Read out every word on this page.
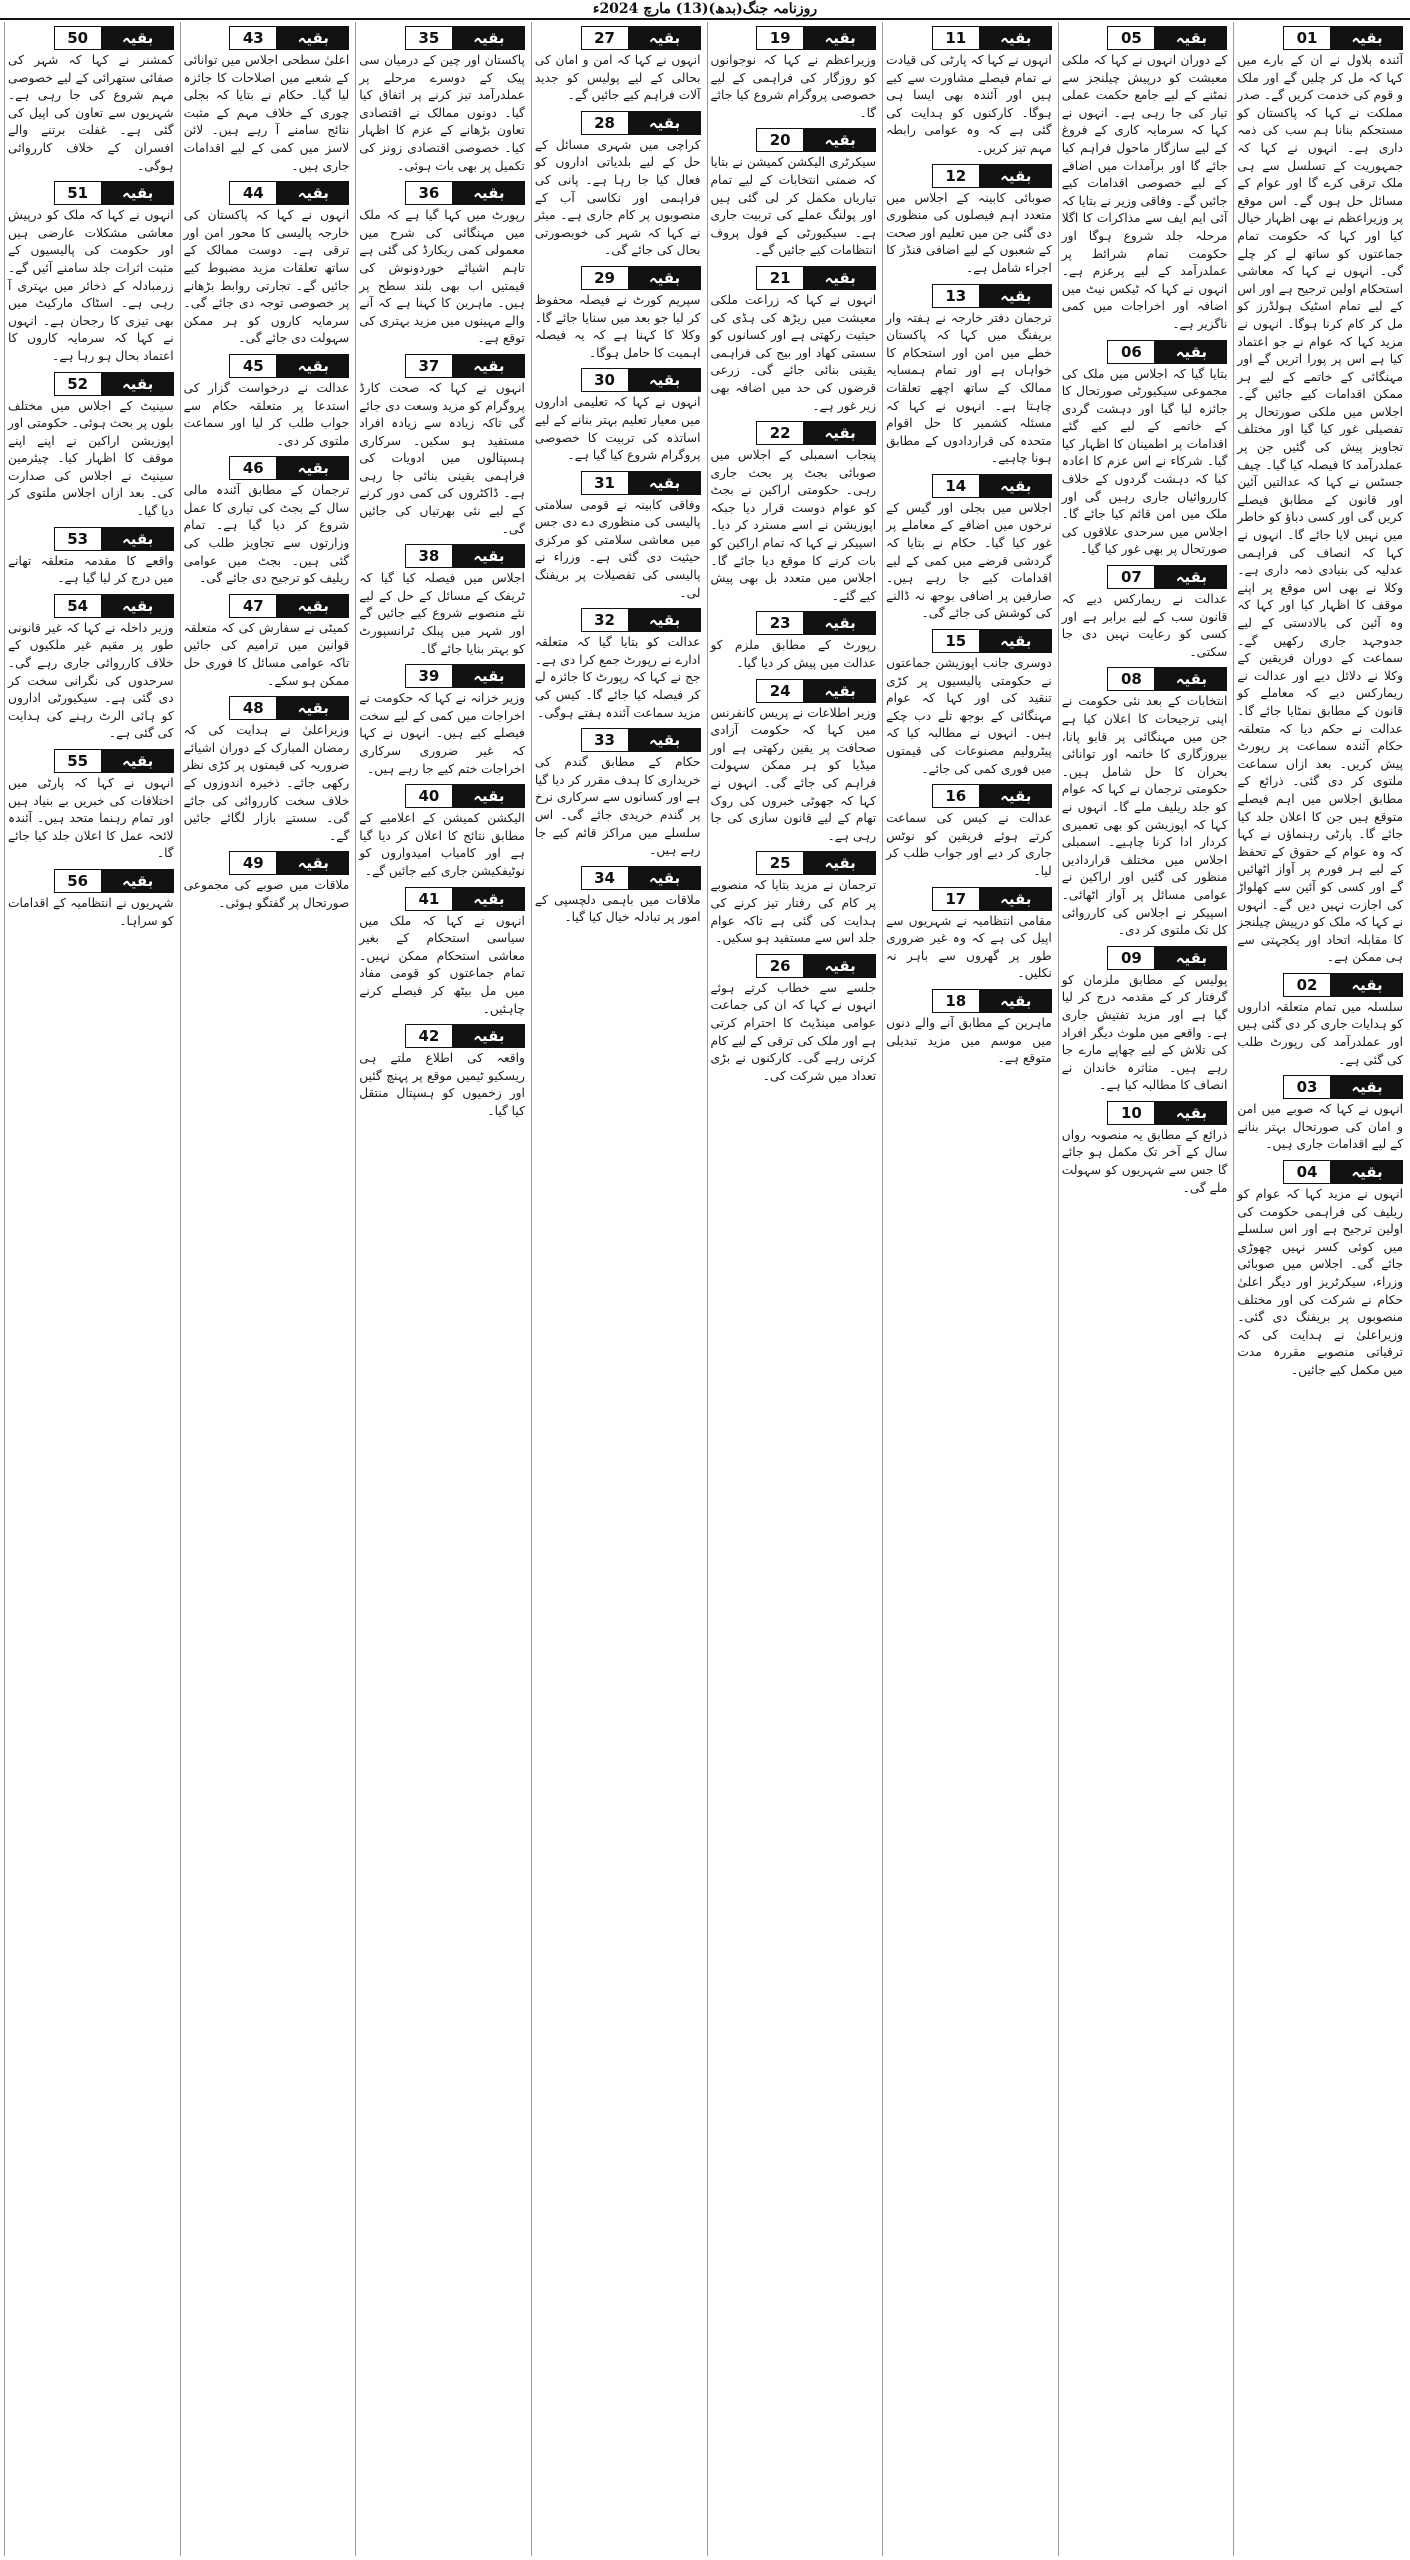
روزنامہ جنگ(بدھ)(13) مارچ 2024ء
01	بقیہ
آئندہ بلاول نے ان کے بارے میں کہا کہ مل کر چلیں گے اور ملک و قوم کی خدمت کریں گے۔ صدر مملکت نے کہا کہ پاکستان کو مستحکم بنانا ہم سب کی ذمہ داری ہے۔ انہوں نے کہا کہ جمہوریت کے تسلسل سے ہی ملک ترقی کرے گا اور عوام کے مسائل حل ہوں گے۔ اس موقع پر وزیراعظم نے بھی اظہار خیال کیا اور کہا کہ حکومت تمام جماعتوں کو ساتھ لے کر چلے گی۔ انہوں نے کہا کہ معاشی استحکام اولین ترجیح ہے اور اس کے لیے تمام اسٹیک ہولڈرز کو مل کر کام کرنا ہوگا۔ انہوں نے مزید کہا کہ عوام نے جو اعتماد کیا ہے اس پر پورا اتریں گے اور مہنگائی کے خاتمے کے لیے ہر ممکن اقدامات کیے جائیں گے۔ اجلاس میں ملکی صورتحال پر تفصیلی غور کیا گیا اور مختلف تجاویز پیش کی گئیں جن پر عملدرآمد کا فیصلہ کیا گیا۔ چیف جسٹس نے کہا کہ عدالتیں آئین اور قانون کے مطابق فیصلے کریں گی اور کسی دباؤ کو خاطر میں نہیں لایا جائے گا۔ انہوں نے کہا کہ انصاف کی فراہمی عدلیہ کی بنیادی ذمہ داری ہے۔ وکلا نے بھی اس موقع پر اپنے موقف کا اظہار کیا اور کہا کہ وہ آئین کی بالادستی کے لیے جدوجہد جاری رکھیں گے۔ سماعت کے دوران فریقین کے وکلا نے دلائل دیے اور عدالت نے ریمارکس دیے کہ معاملے کو قانون کے مطابق نمٹایا جائے گا۔ عدالت نے حکم دیا کہ متعلقہ حکام آئندہ سماعت پر رپورٹ پیش کریں۔ بعد ازاں سماعت ملتوی کر دی گئی۔ ذرائع کے مطابق اجلاس میں اہم فیصلے متوقع ہیں جن کا اعلان جلد کیا جائے گا۔ پارٹی رہنماؤں نے کہا کہ وہ عوام کے حقوق کے تحفظ کے لیے ہر فورم پر آواز اٹھائیں گے اور کسی کو آئین سے کھلواڑ کی اجازت نہیں دیں گے۔ انہوں نے کہا کہ ملک کو درپیش چیلنجز کا مقابلہ اتحاد اور یکجہتی سے ہی ممکن ہے۔
02	بقیہ
سلسلہ میں تمام متعلقہ اداروں کو ہدایات جاری کر دی گئی ہیں اور عملدرآمد کی رپورٹ طلب کی گئی ہے۔
03	بقیہ
انہوں نے کہا کہ صوبے میں امن و امان کی صورتحال بہتر بنانے کے لیے اقدامات جاری ہیں۔
04	بقیہ
انہوں نے مزید کہا کہ عوام کو ریلیف کی فراہمی حکومت کی اولین ترجیح ہے اور اس سلسلے میں کوئی کسر نہیں چھوڑی جائے گی۔ اجلاس میں صوبائی وزراء، سیکرٹریز اور دیگر اعلیٰ حکام نے شرکت کی اور مختلف منصوبوں پر بریفنگ دی گئی۔ وزیراعلیٰ نے ہدایت کی کہ ترقیاتی منصوبے مقررہ مدت میں مکمل کیے جائیں۔
05	بقیہ
کے دوران انہوں نے کہا کہ ملکی معیشت کو درپیش چیلنجز سے نمٹنے کے لیے جامع حکمت عملی تیار کی جا رہی ہے۔ انہوں نے کہا کہ سرمایہ کاری کے فروغ کے لیے سازگار ماحول فراہم کیا جائے گا اور برآمدات میں اضافے کے لیے خصوصی اقدامات کیے جائیں گے۔ وفاقی وزیر نے بتایا کہ آئی ایم ایف سے مذاکرات کا اگلا مرحلہ جلد شروع ہوگا اور حکومت تمام شرائط پر عملدرآمد کے لیے پرعزم ہے۔ انہوں نے کہا کہ ٹیکس نیٹ میں اضافہ اور اخراجات میں کمی ناگزیر ہے۔
06	بقیہ
بتایا گیا کہ اجلاس میں ملک کی مجموعی سیکیورٹی صورتحال کا جائزہ لیا گیا اور دہشت گردی کے خاتمے کے لیے کیے گئے اقدامات پر اطمینان کا اظہار کیا گیا۔ شرکاء نے اس عزم کا اعادہ کیا کہ دہشت گردوں کے خلاف کارروائیاں جاری رہیں گی اور ملک میں امن قائم کیا جائے گا۔ اجلاس میں سرحدی علاقوں کی صورتحال پر بھی غور کیا گیا۔
07	بقیہ
عدالت نے ریمارکس دیے کہ قانون سب کے لیے برابر ہے اور کسی کو رعایت نہیں دی جا سکتی۔
08	بقیہ
انتخابات کے بعد نئی حکومت نے اپنی ترجیحات کا اعلان کیا ہے جن میں مہنگائی پر قابو پانا، بیروزگاری کا خاتمہ اور توانائی بحران کا حل شامل ہیں۔ حکومتی ترجمان نے کہا کہ عوام کو جلد ریلیف ملے گا۔ انہوں نے کہا کہ اپوزیشن کو بھی تعمیری کردار ادا کرنا چاہیے۔ اسمبلی اجلاس میں مختلف قراردادیں منظور کی گئیں اور اراکین نے عوامی مسائل پر آواز اٹھائی۔ اسپیکر نے اجلاس کی کارروائی کل تک ملتوی کر دی۔
09	بقیہ
پولیس کے مطابق ملزمان کو گرفتار کر کے مقدمہ درج کر لیا گیا ہے اور مزید تفتیش جاری ہے۔ واقعے میں ملوث دیگر افراد کی تلاش کے لیے چھاپے مارے جا رہے ہیں۔ متاثرہ خاندان نے انصاف کا مطالبہ کیا ہے۔
10	بقیہ
ذرائع کے مطابق یہ منصوبہ رواں سال کے آخر تک مکمل ہو جائے گا جس سے شہریوں کو سہولت ملے گی۔
11	بقیہ
انہوں نے کہا کہ پارٹی کی قیادت نے تمام فیصلے مشاورت سے کیے ہیں اور آئندہ بھی ایسا ہی ہوگا۔ کارکنوں کو ہدایت کی گئی ہے کہ وہ عوامی رابطہ مہم تیز کریں۔
12	بقیہ
صوبائی کابینہ کے اجلاس میں متعدد اہم فیصلوں کی منظوری دی گئی جن میں تعلیم اور صحت کے شعبوں کے لیے اضافی فنڈز کا اجراء شامل ہے۔
13	بقیہ
ترجمان دفتر خارجہ نے ہفتہ وار بریفنگ میں کہا کہ پاکستان خطے میں امن اور استحکام کا خواہاں ہے اور تمام ہمسایہ ممالک کے ساتھ اچھے تعلقات چاہتا ہے۔ انہوں نے کہا کہ مسئلہ کشمیر کا حل اقوام متحدہ کی قراردادوں کے مطابق ہونا چاہیے۔
14	بقیہ
اجلاس میں بجلی اور گیس کے نرخوں میں اضافے کے معاملے پر غور کیا گیا۔ حکام نے بتایا کہ گردشی قرضے میں کمی کے لیے اقدامات کیے جا رہے ہیں۔ صارفین پر اضافی بوجھ نہ ڈالنے کی کوشش کی جائے گی۔
15	بقیہ
دوسری جانب اپوزیشن جماعتوں نے حکومتی پالیسیوں پر کڑی تنقید کی اور کہا کہ عوام مہنگائی کے بوجھ تلے دب چکے ہیں۔ انہوں نے مطالبہ کیا کہ پیٹرولیم مصنوعات کی قیمتوں میں فوری کمی کی جائے۔
16	بقیہ
عدالت نے کیس کی سماعت کرتے ہوئے فریقین کو نوٹس جاری کر دیے اور جواب طلب کر لیا۔
17	بقیہ
مقامی انتظامیہ نے شہریوں سے اپیل کی ہے کہ وہ غیر ضروری طور پر گھروں سے باہر نہ نکلیں۔
18	بقیہ
ماہرین کے مطابق آنے والے دنوں میں موسم میں مزید تبدیلی متوقع ہے۔
19	بقیہ
وزیراعظم نے کہا کہ نوجوانوں کو روزگار کی فراہمی کے لیے خصوصی پروگرام شروع کیا جائے گا۔
20	بقیہ
سیکرٹری الیکشن کمیشن نے بتایا کہ ضمنی انتخابات کے لیے تمام تیاریاں مکمل کر لی گئی ہیں اور پولنگ عملے کی تربیت جاری ہے۔ سیکیورٹی کے فول پروف انتظامات کیے جائیں گے۔
21	بقیہ
انہوں نے کہا کہ زراعت ملکی معیشت میں ریڑھ کی ہڈی کی حیثیت رکھتی ہے اور کسانوں کو سستی کھاد اور بیج کی فراہمی یقینی بنائی جائے گی۔ زرعی قرضوں کی حد میں اضافہ بھی زیر غور ہے۔
22	بقیہ
پنجاب اسمبلی کے اجلاس میں صوبائی بجٹ پر بحث جاری رہی۔ حکومتی اراکین نے بجٹ کو عوام دوست قرار دیا جبکہ اپوزیشن نے اسے مسترد کر دیا۔ اسپیکر نے کہا کہ تمام اراکین کو بات کرنے کا موقع دیا جائے گا۔ اجلاس میں متعدد بل بھی پیش کیے گئے۔
23	بقیہ
رپورٹ کے مطابق ملزم کو عدالت میں پیش کر دیا گیا۔
24	بقیہ
وزیر اطلاعات نے پریس کانفرنس میں کہا کہ حکومت آزادی صحافت پر یقین رکھتی ہے اور میڈیا کو ہر ممکن سہولت فراہم کی جائے گی۔ انہوں نے کہا کہ جھوٹی خبروں کی روک تھام کے لیے قانون سازی کی جا رہی ہے۔
25	بقیہ
ترجمان نے مزید بتایا کہ منصوبے پر کام کی رفتار تیز کرنے کی ہدایت کی گئی ہے تاکہ عوام جلد اس سے مستفید ہو سکیں۔
26	بقیہ
جلسے سے خطاب کرتے ہوئے انہوں نے کہا کہ ان کی جماعت عوامی مینڈیٹ کا احترام کرتی ہے اور ملک کی ترقی کے لیے کام کرتی رہے گی۔ کارکنوں نے بڑی تعداد میں شرکت کی۔
27	بقیہ
انہوں نے کہا کہ امن و امان کی بحالی کے لیے پولیس کو جدید آلات فراہم کیے جائیں گے۔
28	بقیہ
کراچی میں شہری مسائل کے حل کے لیے بلدیاتی اداروں کو فعال کیا جا رہا ہے۔ پانی کی فراہمی اور نکاسی آب کے منصوبوں پر کام جاری ہے۔ میئر نے کہا کہ شہر کی خوبصورتی بحال کی جائے گی۔
29	بقیہ
سپریم کورٹ نے فیصلہ محفوظ کر لیا جو بعد میں سنایا جائے گا۔ وکلا کا کہنا ہے کہ یہ فیصلہ اہمیت کا حامل ہوگا۔
30	بقیہ
انہوں نے کہا کہ تعلیمی اداروں میں معیار تعلیم بہتر بنانے کے لیے اساتذہ کی تربیت کا خصوصی پروگرام شروع کیا گیا ہے۔
31	بقیہ
وفاقی کابینہ نے قومی سلامتی پالیسی کی منظوری دے دی جس میں معاشی سلامتی کو مرکزی حیثیت دی گئی ہے۔ وزراء نے پالیسی کی تفصیلات پر بریفنگ لی۔
32	بقیہ
عدالت کو بتایا گیا کہ متعلقہ ادارے نے رپورٹ جمع کرا دی ہے۔ جج نے کہا کہ رپورٹ کا جائزہ لے کر فیصلہ کیا جائے گا۔ کیس کی مزید سماعت آئندہ ہفتے ہوگی۔
33	بقیہ
حکام کے مطابق گندم کی خریداری کا ہدف مقرر کر دیا گیا ہے اور کسانوں سے سرکاری نرخ پر گندم خریدی جائے گی۔ اس سلسلے میں مراکز قائم کیے جا رہے ہیں۔
34	بقیہ
ملاقات میں باہمی دلچسپی کے امور پر تبادلہ خیال کیا گیا۔
35	بقیہ
پاکستان اور چین کے درمیان سی پیک کے دوسرے مرحلے پر عملدرآمد تیز کرنے پر اتفاق کیا گیا۔ دونوں ممالک نے اقتصادی تعاون بڑھانے کے عزم کا اظہار کیا۔ خصوصی اقتصادی زونز کی تکمیل پر بھی بات ہوئی۔
36	بقیہ
رپورٹ میں کہا گیا ہے کہ ملک میں مہنگائی کی شرح میں معمولی کمی ریکارڈ کی گئی ہے تاہم اشیائے خوردونوش کی قیمتیں اب بھی بلند سطح پر ہیں۔ ماہرین کا کہنا ہے کہ آنے والے مہینوں میں مزید بہتری کی توقع ہے۔
37	بقیہ
انہوں نے کہا کہ صحت کارڈ پروگرام کو مزید وسعت دی جائے گی تاکہ زیادہ سے زیادہ افراد مستفید ہو سکیں۔ سرکاری ہسپتالوں میں ادویات کی فراہمی یقینی بنائی جا رہی ہے۔ ڈاکٹروں کی کمی دور کرنے کے لیے نئی بھرتیاں کی جائیں گی۔
38	بقیہ
اجلاس میں فیصلہ کیا گیا کہ ٹریفک کے مسائل کے حل کے لیے نئے منصوبے شروع کیے جائیں گے اور شہر میں پبلک ٹرانسپورٹ کو بہتر بنایا جائے گا۔
39	بقیہ
وزیر خزانہ نے کہا کہ حکومت نے اخراجات میں کمی کے لیے سخت فیصلے کیے ہیں۔ انہوں نے کہا کہ غیر ضروری سرکاری اخراجات ختم کیے جا رہے ہیں۔
40	بقیہ
الیکشن کمیشن کے اعلامیے کے مطابق نتائج کا اعلان کر دیا گیا ہے اور کامیاب امیدواروں کو نوٹیفکیشن جاری کیے جائیں گے۔
41	بقیہ
انہوں نے کہا کہ ملک میں سیاسی استحکام کے بغیر معاشی استحکام ممکن نہیں۔ تمام جماعتوں کو قومی مفاد میں مل بیٹھ کر فیصلے کرنے چاہئیں۔
42	بقیہ
واقعہ کی اطلاع ملتے ہی ریسکیو ٹیمیں موقع پر پہنچ گئیں اور زخمیوں کو ہسپتال منتقل کیا گیا۔
43	بقیہ
اعلیٰ سطحی اجلاس میں توانائی کے شعبے میں اصلاحات کا جائزہ لیا گیا۔ حکام نے بتایا کہ بجلی چوری کے خلاف مہم کے مثبت نتائج سامنے آ رہے ہیں۔ لائن لاسز میں کمی کے لیے اقدامات جاری ہیں۔
44	بقیہ
انہوں نے کہا کہ پاکستان کی خارجہ پالیسی کا محور امن اور ترقی ہے۔ دوست ممالک کے ساتھ تعلقات مزید مضبوط کیے جائیں گے۔ تجارتی روابط بڑھانے پر خصوصی توجہ دی جائے گی۔ سرمایہ کاروں کو ہر ممکن سہولت دی جائے گی۔
45	بقیہ
عدالت نے درخواست گزار کی استدعا پر متعلقہ حکام سے جواب طلب کر لیا اور سماعت ملتوی کر دی۔
46	بقیہ
ترجمان کے مطابق آئندہ مالی سال کے بجٹ کی تیاری کا عمل شروع کر دیا گیا ہے۔ تمام وزارتوں سے تجاویز طلب کی گئی ہیں۔ بجٹ میں عوامی ریلیف کو ترجیح دی جائے گی۔
47	بقیہ
کمیٹی نے سفارش کی کہ متعلقہ قوانین میں ترامیم کی جائیں تاکہ عوامی مسائل کا فوری حل ممکن ہو سکے۔
48	بقیہ
وزیراعلیٰ نے ہدایت کی کہ رمضان المبارک کے دوران اشیائے ضروریہ کی قیمتوں پر کڑی نظر رکھی جائے۔ ذخیرہ اندوزوں کے خلاف سخت کارروائی کی جائے گی۔ سستے بازار لگائے جائیں گے۔
49	بقیہ
ملاقات میں صوبے کی مجموعی صورتحال پر گفتگو ہوئی۔
50	بقیہ
کمشنر نے کہا کہ شہر کی صفائی ستھرائی کے لیے خصوصی مہم شروع کی جا رہی ہے۔ شہریوں سے تعاون کی اپیل کی گئی ہے۔ غفلت برتنے والے افسران کے خلاف کارروائی ہوگی۔
51	بقیہ
انہوں نے کہا کہ ملک کو درپیش معاشی مشکلات عارضی ہیں اور حکومت کی پالیسیوں کے مثبت اثرات جلد سامنے آئیں گے۔ زرمبادلہ کے ذخائر میں بہتری آ رہی ہے۔ اسٹاک مارکیٹ میں بھی تیزی کا رجحان ہے۔ انہوں نے کہا کہ سرمایہ کاروں کا اعتماد بحال ہو رہا ہے۔
52	بقیہ
سینیٹ کے اجلاس میں مختلف بلوں پر بحث ہوئی۔ حکومتی اور اپوزیشن اراکین نے اپنے اپنے موقف کا اظہار کیا۔ چیئرمین سینیٹ نے اجلاس کی صدارت کی۔ بعد ازاں اجلاس ملتوی کر دیا گیا۔
53	بقیہ
واقعے کا مقدمہ متعلقہ تھانے میں درج کر لیا گیا ہے۔
54	بقیہ
وزیر داخلہ نے کہا کہ غیر قانونی طور پر مقیم غیر ملکیوں کے خلاف کارروائی جاری رہے گی۔ سرحدوں کی نگرانی سخت کر دی گئی ہے۔ سیکیورٹی اداروں کو ہائی الرٹ رہنے کی ہدایت کی گئی ہے۔
55	بقیہ
انہوں نے کہا کہ پارٹی میں اختلافات کی خبریں بے بنیاد ہیں اور تمام رہنما متحد ہیں۔ آئندہ لائحہ عمل کا اعلان جلد کیا جائے گا۔
56	بقیہ
شہریوں نے انتظامیہ کے اقدامات کو سراہا۔
